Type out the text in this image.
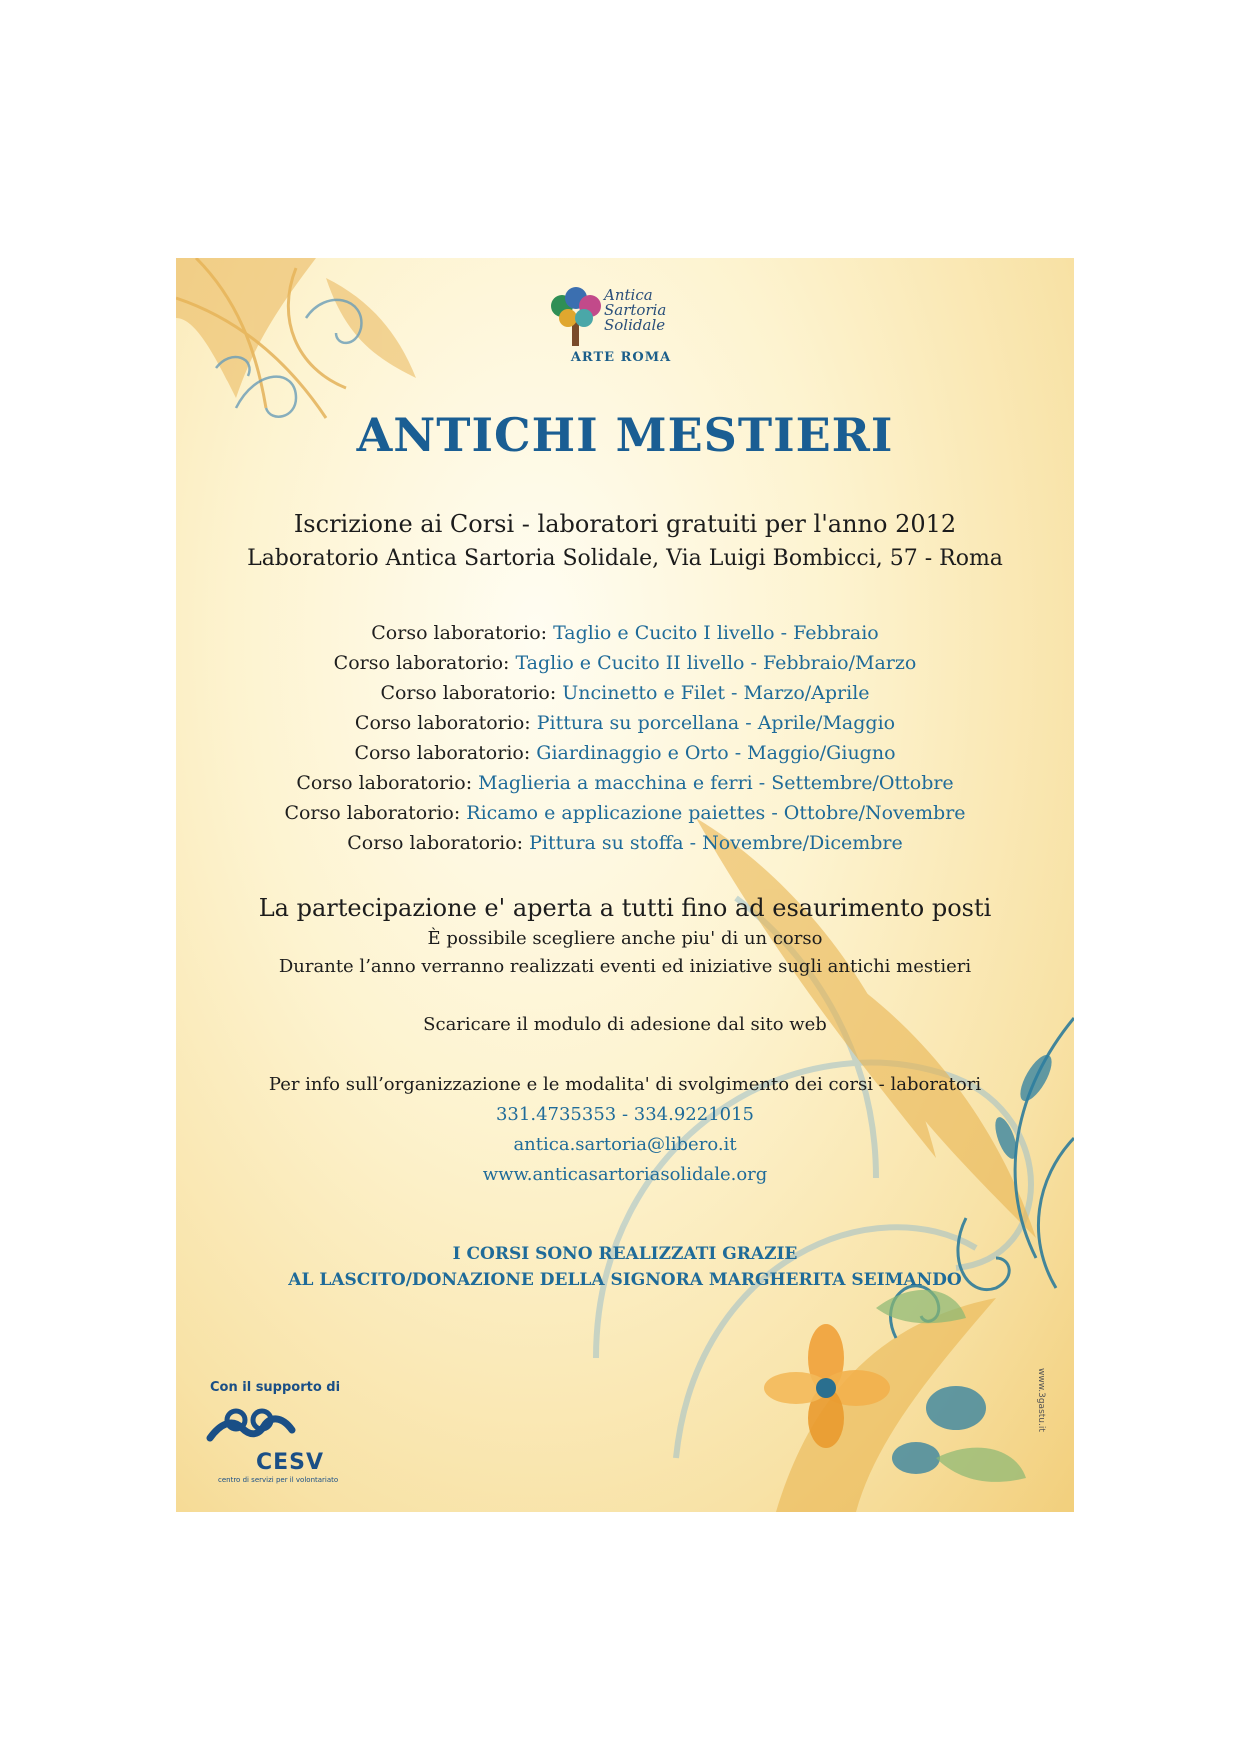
Antica
Sartoria
Solidale
ARTE ROMA
ANTICHI MESTIERI
Iscrizione ai Corsi - laboratori gratuiti per l'anno 2012
Laboratorio Antica Sartoria Solidale, Via Luigi Bombicci, 57 - Roma
Corso laboratorio: Taglio e Cucito I livello - Febbraio
Corso laboratorio: Taglio e Cucito II livello - Febbraio/Marzo
Corso laboratorio: Uncinetto e Filet - Marzo/Aprile
Corso laboratorio: Pittura su porcellana - Aprile/Maggio
Corso laboratorio: Giardinaggio e Orto - Maggio/Giugno
Corso laboratorio: Maglieria a macchina e ferri - Settembre/Ottobre
Corso laboratorio: Ricamo e applicazione paiettes - Ottobre/Novembre
Corso laboratorio: Pittura su stoffa - Novembre/Dicembre
La partecipazione e' aperta a tutti fino ad esaurimento posti
È possibile scegliere anche piu' di un corso
Durante l’anno verranno realizzati eventi ed iniziative sugli antichi mestieri
Scaricare il modulo di adesione dal sito web
Per info sull’organizzazione e le modalita' di svolgimento dei corsi - laboratori
331.4735353 - 334.9221015
antica.sartoria@libero.it
www.anticasartoriasolidale.org
I CORSI SONO REALIZZATI GRAZIE
AL LASCITO/DONAZIONE DELLA SIGNORA MARGHERITA SEIMANDO
Con il supporto di
CESV
centro di servizi per il volontariato
www.3gastu.it
